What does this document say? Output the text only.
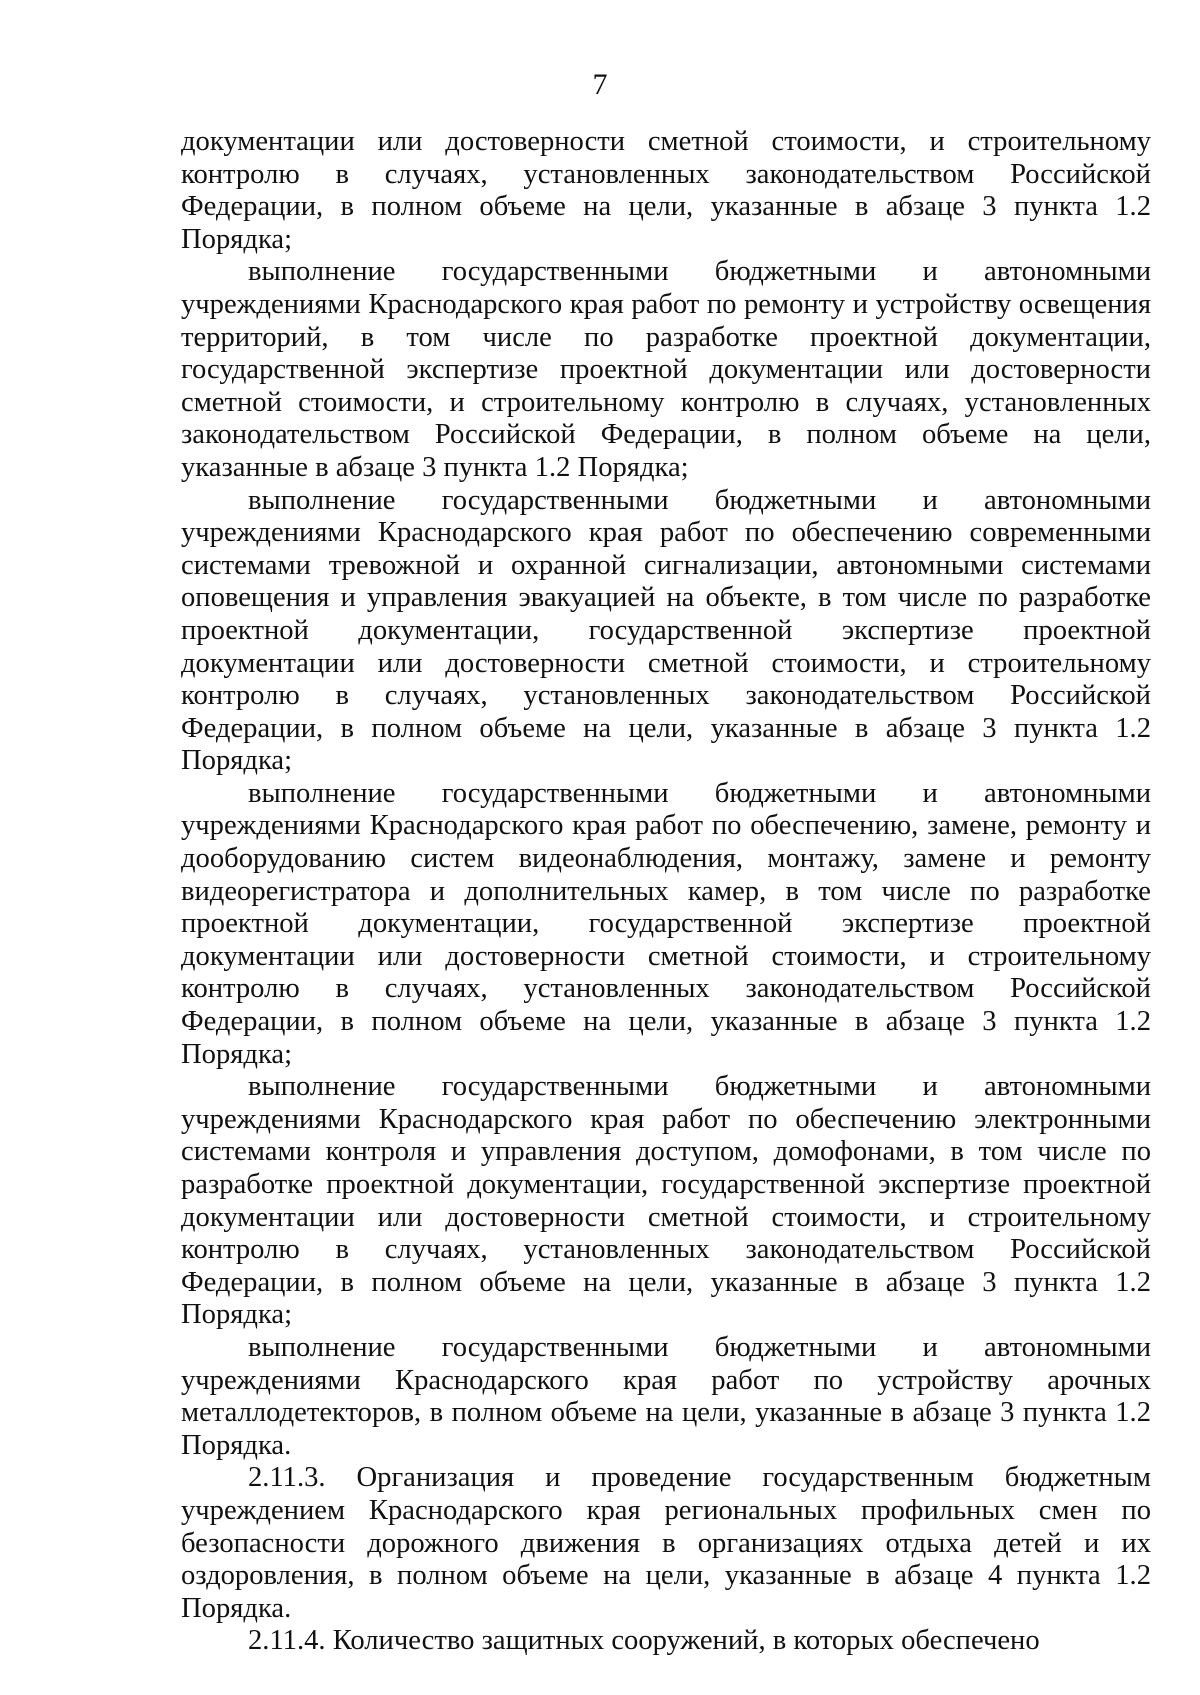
7

документации или достоверности сметной стоимости, и строительному контролю в случаях, установленных законодательством Российской Федерации, в полном объеме на цели, указанные в абзаце 3 пункта 1.2 Порядка;

выполнение государственными бюджетными и автономными учреждениями Краснодарского края работ по ремонту и устройству освещения территорий, в том числе по разработке проектной документации, государственной экспертизе проектной документации или достоверности сметной стоимости, и строительному контролю в случаях, установленных законодательством Российской Федерации, в полном объеме на цели, указанные в абзаце 3 пункта 1.2 Порядка;

выполнение государственными бюджетными и автономными учреждениями Краснодарского края работ по обеспечению современными системами тревожной и охранной сигнализации, автономными системами оповещения и управления эвакуацией на объекте, в том числе по разработке проектной документации, государственной экспертизе проектной документации или достоверности сметной стоимости, и строительному контролю в случаях, установленных законодательством Российской Федерации, в полном объеме на цели, указанные в абзаце 3 пункта 1.2 Порядка;

выполнение государственными бюджетными и автономными учреждениями Краснодарского края работ по обеспечению, замене, ремонту и дооборудованию систем видеонаблюдения, монтажу, замене и ремонту видеорегистратора и дополнительных камер, в том числе по разработке проектной документации, государственной экспертизе проектной документации или достоверности сметной стоимости, и строительному контролю в случаях, установленных законодательством Российской Федерации, в полном объеме на цели, указанные в абзаце 3 пункта 1.2 Порядка;

выполнение государственными бюджетными и автономными учреждениями Краснодарского края работ по обеспечению электронными системами контроля и управления доступом, домофонами, в том числе по разработке проектной документации, государственной экспертизе проектной документации или достоверности сметной стоимости, и строительному контролю в случаях, установленных законодательством Российской Федерации, в полном объеме на цели, указанные в абзаце 3 пункта 1.2 Порядка;

выполнение государственными бюджетными и автономными учреждениями Краснодарского края работ по устройству арочных металлодетекторов, в полном объеме на цели, указанные в абзаце 3 пункта 1.2 Порядка.

2.11.3. Организация и проведение государственным бюджетным учреждением Краснодарского края региональных профильных смен по безопасности дорожного движения в организациях отдыха детей и их оздоровления, в полном объеме на цели, указанные в абзаце 4 пункта 1.2 Порядка.

2.11.4. Количество защитных сооружений, в которых обеспечено
